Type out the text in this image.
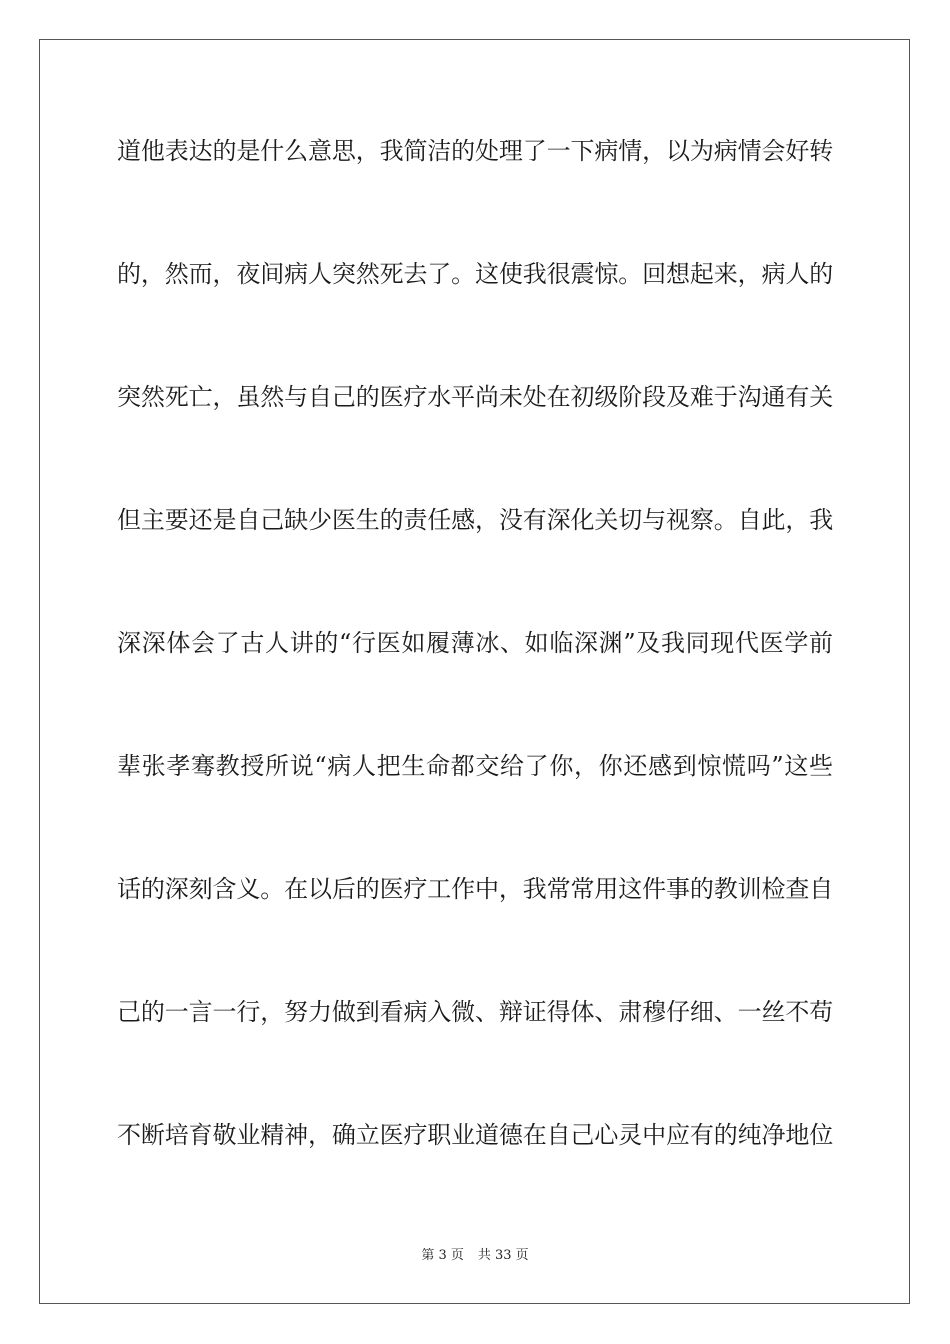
道他表达的是什么意思，我简洁的处理了一下病情，以为病情会好转
的，然而，夜间病人突然死去了。这使我很震惊。回想起来，病人的
突然死亡，虽然与自己的医疗水平尚未处在初级阶段及难于沟通有关
但主要还是自己缺少医生的责任感，没有深化关切与视察。自此，我
深深体会了古人讲的“行医如履薄冰、如临深渊”及我同现代医学前
辈张孝骞教授所说“病人把生命都交给了你，你还感到惊慌吗”这些
话的深刻含义。在以后的医疗工作中，我常常用这件事的教训检查自
己的一言一行，努力做到看病入微、辩证得体、肃穆仔细、一丝不苟
不断培育敬业精神，确立医疗职业道德在自己心灵中应有的纯净地位
第 3 页 共 33 页
